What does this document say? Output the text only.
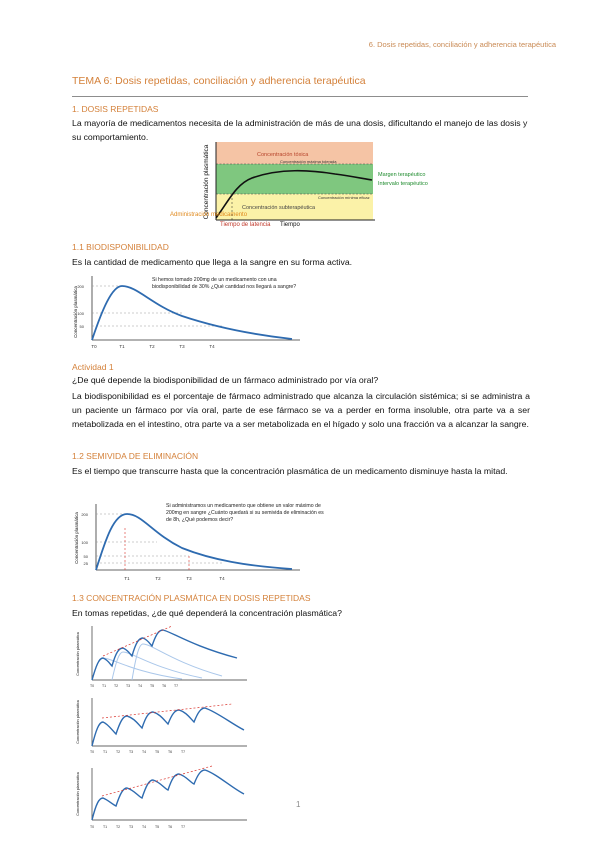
6. Dosis repetidas, conciliación y adherencia terapéutica
TEMA 6: Dosis repetidas, conciliación y adherencia terapéutica
1. DOSIS REPETIDAS
La mayoría de medicamentos necesita de la administración de más de una dosis, dificultando el manejo de las dosis y su comportamiento.
Concentración plasmática	Concentración tóxica
Concentración máxima tolerada
Margen terapéutico
Intervalo terapéutico
Concentración mínima eficaz
Concentración subterapéutica
Administración medicamento
Tiempo de latencia Tiempo
1.1 BIODISPONIBILIDAD
Es la cantidad de medicamento que llega a la sangre en su forma activa.
200
100
50
T0	T1	T2	T3	T4
Concentración plasmática
Si hemos tomado 200mg de un medicamento con una biodisponibilidad de 30% ¿Qué cantidad nos llegará a sangre?
Actividad 1
¿De qué depende la biodisponibilidad de un fármaco administrado por vía oral?
La biodisponibilidad es el porcentaje de fármaco administrado que alcanza la circulación sistémica; si se administra a un paciente un fármaco por vía oral, parte de ese fármaco se va a perder en forma insoluble, otra parte va a ser metabolizada en el intestino, otra parte va a ser metabolizada en el hígado y solo una fracción va a alcanzar la sangre.
1.2 SEMIVIDA DE ELIMINACIÓN
Es el tiempo que transcurre hasta que la concentración plasmática de un medicamento disminuye hasta la mitad.
200
100
50
25
T1	T2	T3	T4
Concentración plasmática
Si administramos un medicamento que obtiene un valor máximo de 200mg en sangre ¿Cuánto quedará si su semivida de eliminación es de 8h, ¿Qué podemos decir?
1.3 CONCENTRACIÓN PLASMÁTICA EN DOSIS REPETIDAS
En tomas repetidas, ¿de qué dependerá la concentración plasmática?
Concentración plasmática
T0 T1 T2 T3 T4 T5 T6 T7
Concentración plasmática
T0	T1	T2	T3	T4	T5	T6	T7
Concentración plasmática
T0	T1	T2	T3	T4	T5	T6	T7
1
